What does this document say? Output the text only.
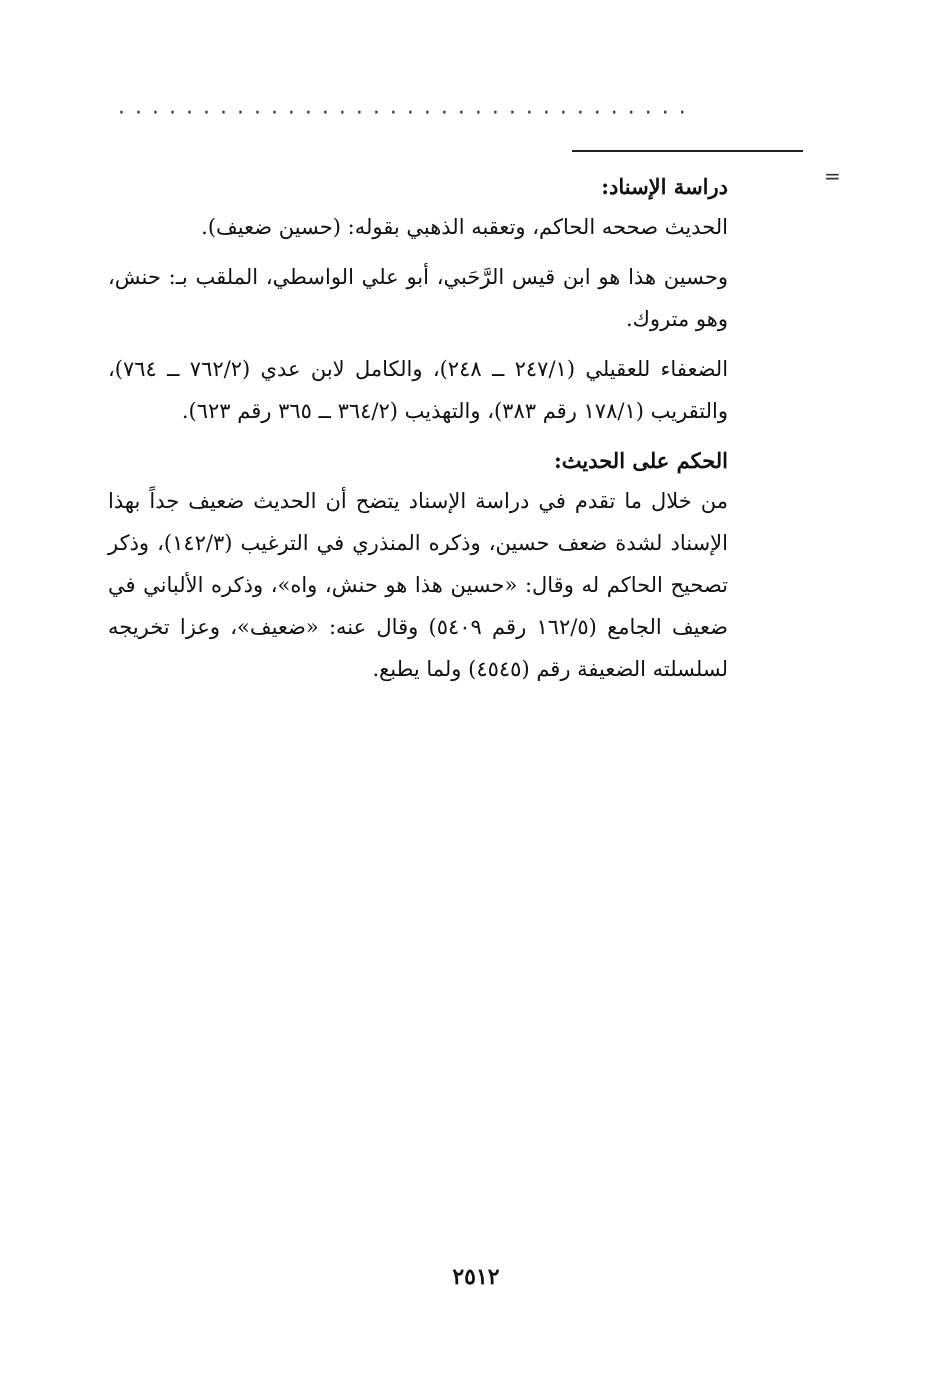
··································
=

دراسة الإسناد:

الحديث صححه الحاكم، وتعقبه الذهبي بقوله: (حسين ضعيف).

وحسين هذا هو ابن قيس الرَّحَبي، أبو علي الواسطي، الملقب بـ: حنش، وهو متروك.

الضعفاء للعقيلي (٢٤٧/١ ــ ٢٤٨)، والكامل لابن عدي (٧٦٢/٢ ــ ٧٦٤)، والتقريب (١٧٨/١ رقم ٣٨٣)، والتهذيب (٣٦٤/٢ ــ ٣٦٥ رقم ٦٢٣).

الحكم على الحديث:

من خلال ما تقدم في دراسة الإسناد يتضح أن الحديث ضعيف جداً بهذا الإسناد لشدة ضعف حسين، وذكره المنذري في الترغيب (١٤٢/٣)، وذكر تصحيح الحاكم له وقال: «حسين هذا هو حنش، واه»، وذكره الألباني في ضعيف الجامع (١٦٢/٥ رقم ٥٤٠٩) وقال عنه: «ضعيف»، وعزا تخريجه لسلسلته الضعيفة رقم (٤٥٤٥) ولما يطبع.

٢٥١٢
